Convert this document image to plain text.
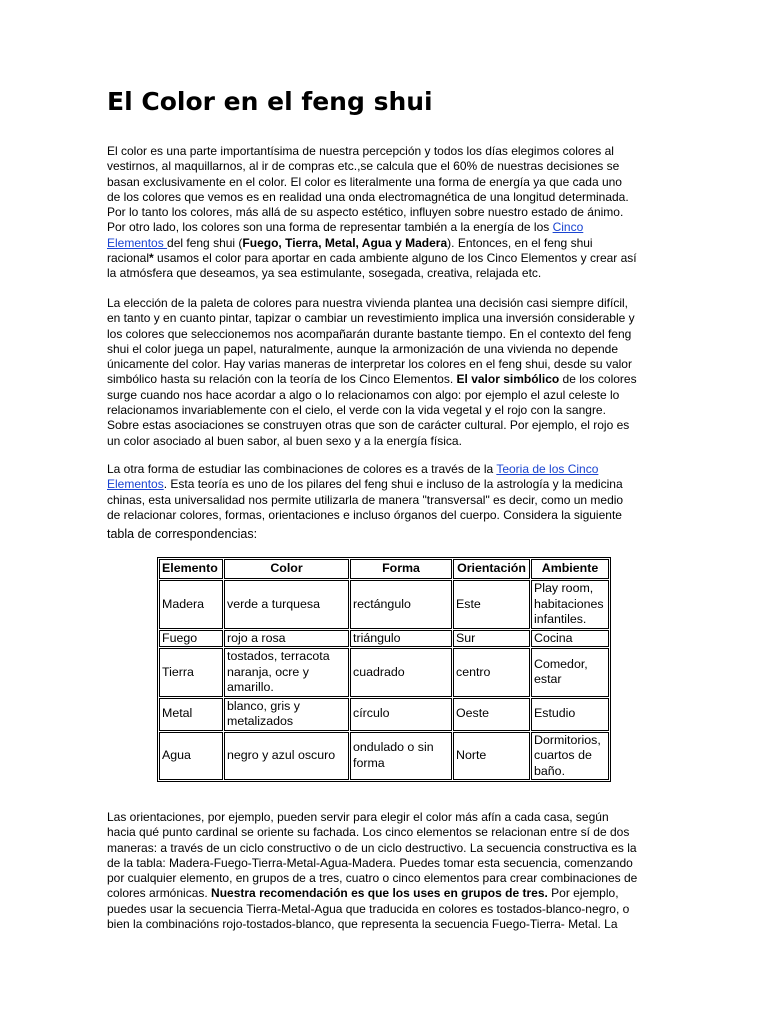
El Color en el feng shui
El color es una parte importantísima de nuestra percepción y todos los días elegimos colores al
vestirnos, al maquillarnos, al ir de compras etc.,se calcula que el 60% de nuestras decisiones se
basan exclusivamente en el color. El color es literalmente una forma de energía ya que cada uno
de los colores que vemos es en realidad una onda electromagnética de una longitud determinada.
Por lo tanto los colores, más allá de su aspecto estético, influyen sobre nuestro estado de ánimo.
Por otro lado, los colores son una forma de representar también a la energía de los Cinco
Elementos del feng shui (Fuego, Tierra, Metal, Agua y Madera). Entonces, en el feng shui
racional* usamos el color para aportar en cada ambiente alguno de los Cinco Elementos y crear así
la atmósfera que deseamos, ya sea estimulante, sosegada, creativa, relajada etc.
La elección de la paleta de colores para nuestra vivienda plantea una decisión casi siempre difícil,
en tanto y en cuanto pintar, tapizar o cambiar un revestimiento implica una inversión considerable y
los colores que seleccionemos nos acompañarán durante bastante tiempo. En el contexto del feng
shui el color juega un papel, naturalmente, aunque la armonización de una vivienda no depende
únicamente del color. Hay varias maneras de interpretar los colores en el feng shui, desde su valor
simbólico hasta su relación con la teoría de los Cinco Elementos. El valor simbólico de los colores
surge cuando nos hace acordar a algo o lo relacionamos con algo: por ejemplo el azul celeste lo
relacionamos invariablemente con el cielo, el verde con la vida vegetal y el rojo con la sangre.
Sobre estas asociaciones se construyen otras que son de carácter cultural. Por ejemplo, el rojo es
un color asociado al buen sabor, al buen sexo y a la energía física.
La otra forma de estudiar las combinaciones de colores es a través de la Teoria de los Cinco
Elementos. Esta teoría es uno de los pilares del feng shui e incluso de la astrología y la medicina
chinas, esta universalidad nos permite utilizarla de manera "transversal" es decir, como un medio
de relacionar colores, formas, orientaciones e incluso órganos del cuerpo. Considera la siguiente
tabla de correspondencias:
Las orientaciones, por ejemplo, pueden servir para elegir el color más afín a cada casa, según
hacia qué punto cardinal se oriente su fachada. Los cinco elementos se relacionan entre sí de dos
maneras: a través de un ciclo constructivo o de un ciclo destructivo. La secuencia constructiva es la
de la tabla: Madera-Fuego-Tierra-Metal-Agua-Madera. Puedes tomar esta secuencia, comenzando
por cualquier elemento, en grupos de a tres, cuatro o cinco elementos para crear combinaciones de
colores armónicas. Nuestra recomendación es que los uses en grupos de tres. Por ejemplo,
puedes usar la secuencia Tierra-Metal-Agua que traducida en colores es tostados-blanco-negro, o
bien la combinacións rojo-tostados-blanco, que representa la secuencia Fuego-Tierra- Metal. La
Elemento	Color	Forma	Orientación	Ambiente
Madera	verde a turquesa	rectángulo	Este	Play room, habitaciones infantiles.
Fuego	rojo a rosa	triángulo	Sur	Cocina
Tierra	tostados, terracota naranja, ocre y amarillo.	cuadrado	centro	Comedor, estar
Metal	blanco, gris y metalizados	círculo	Oeste	Estudio
Agua	negro y azul oscuro	ondulado o sin forma	Norte	Dormitorios, cuartos de baño.
